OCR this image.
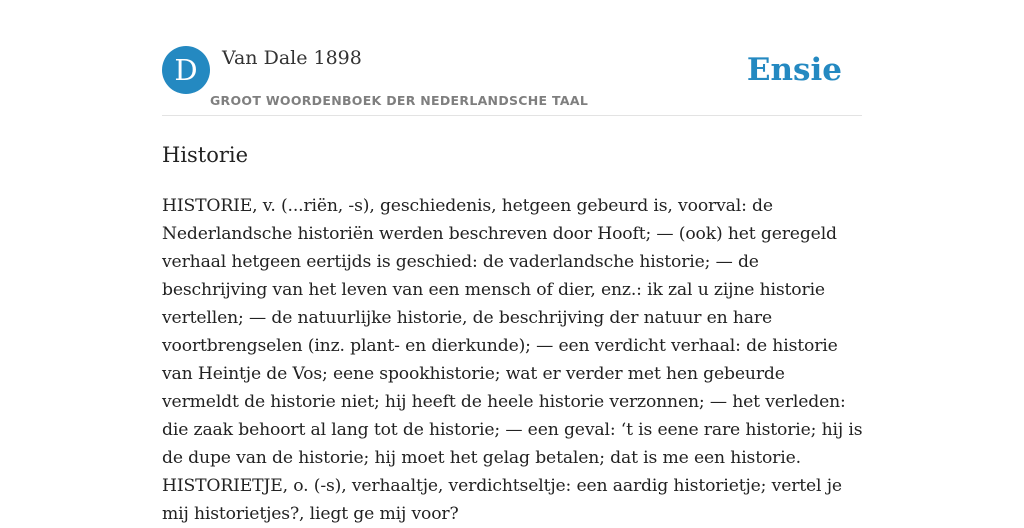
D	Van Dale 1898
GROOT WOORDENBOEK DER NEDERLANDSCHE TAAL
Ensie
Historie

HISTORIE, v. (...riën, -s), geschiedenis, hetgeen gebeurd is, voorval: de Nederlandsche historiën werden beschreven door Hooft; — (ook) het geregeld verhaal hetgeen eertijds is geschied: de vaderlandsche historie; — de beschrijving van het leven van een mensch of dier, enz.: ik zal u zijne historie vertellen; — de natuurlijke historie, de beschrijving der natuur en hare voortbrengselen (inz. plant- en dierkunde); — een verdicht verhaal: de historie van Heintje de Vos; eene spookhistorie; wat er verder met hen gebeurde vermeldt de historie niet; hij heeft de heele historie verzonnen; — het verleden: die zaak behoort al lang tot de historie; — een geval: ‘t is eene rare historie; hij is de dupe van de historie; hij moet het gelag betalen; dat is me een historie. HISTORIETJE, o. (-s), verhaaltje, verdichtseltje: een aardig historietje; vertel je mij historietjes?, liegt ge mij voor?
